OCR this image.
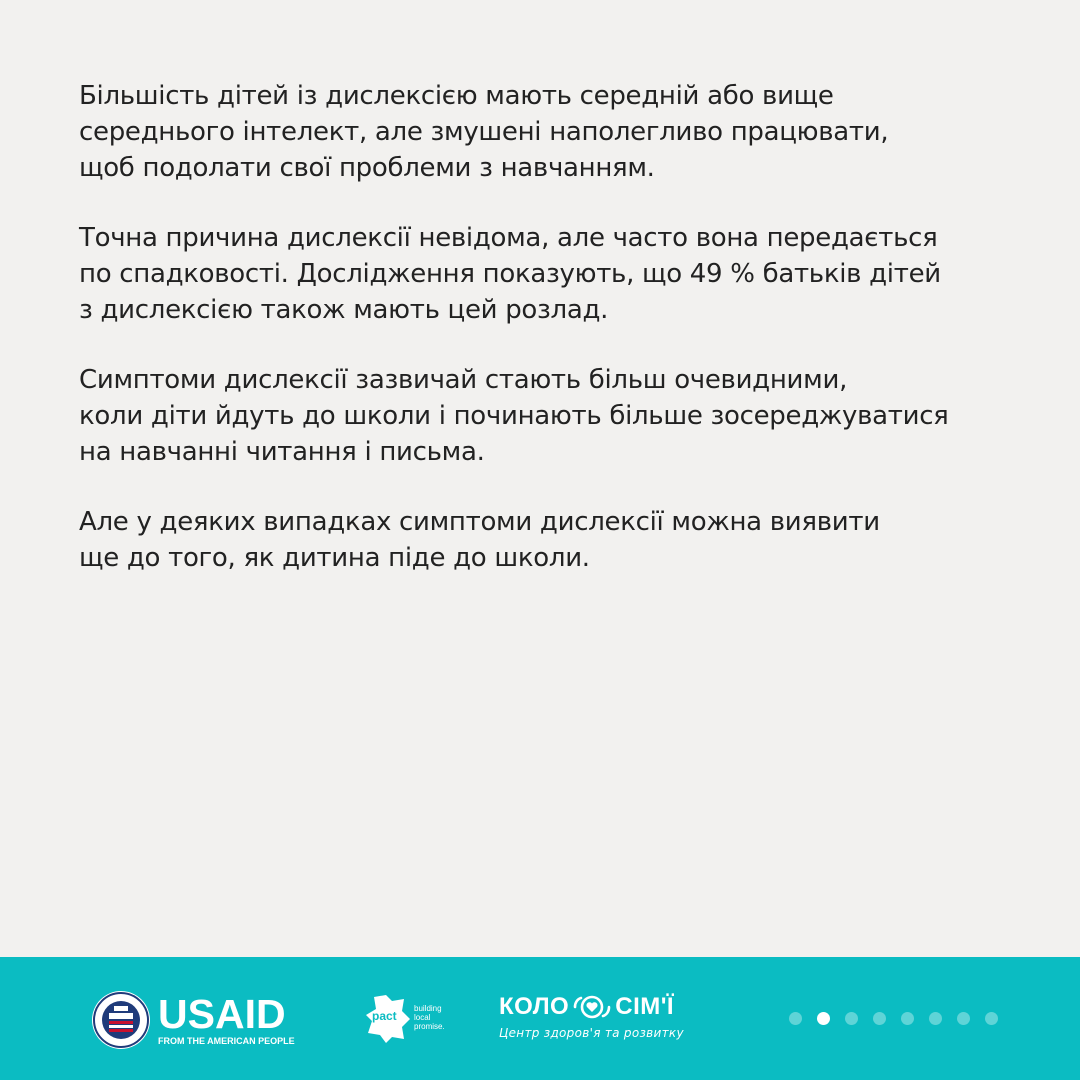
Більшість дітей із дислексією мають середній або вище
середнього інтелект, але змушені наполегливо працювати,
щоб подолати свої проблеми з навчанням.

Точна причина дислексії невідома, але часто вона передається
по спадковості. Дослідження показують, що 49 % батьків дітей
з дислексією також мають цей розлад.

Симптоми дислексії зазвичай стають більш очевидними,
коли діти йдуть до школи і починають більше зосереджуватися
на навчанні читання і письма.

Але у деяких випадках симптоми дислексії можна виявити
ще до того, як дитина піде до школи.

USAID
FROM THE AMERICAN PEOPLE
pact
building
local
promise.
КОЛО СІМ'Ї
Центр здоров'я та розвитку
